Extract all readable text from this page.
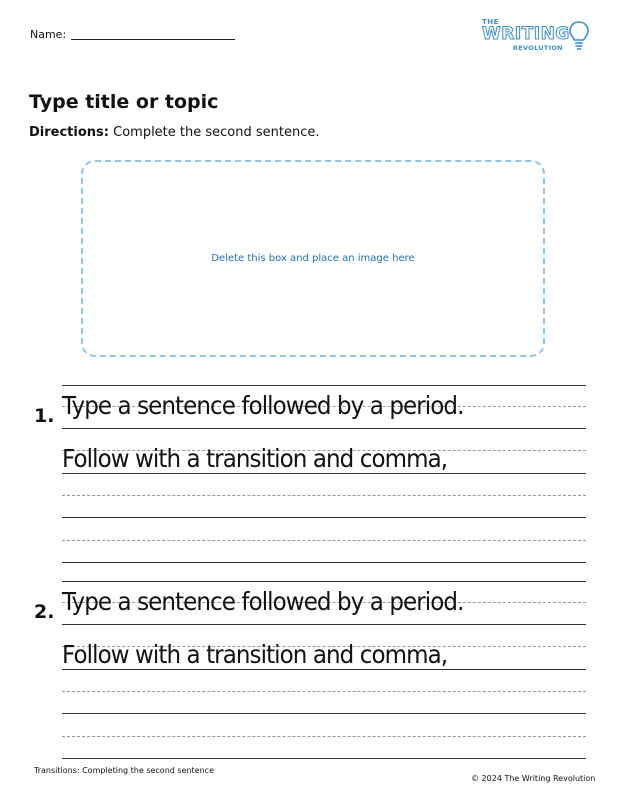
Name:
THE
WRITING
REVOLUTION
Type title or topic
Directions: Complete the second sentence.
Delete this box and place an image here
1. Type a sentence followed by a period.
Follow with a transition and comma,
2. Type a sentence followed by a period.
Follow with a transition and comma,
Transitions: Completing the second sentence
© 2024 The Writing Revolution
